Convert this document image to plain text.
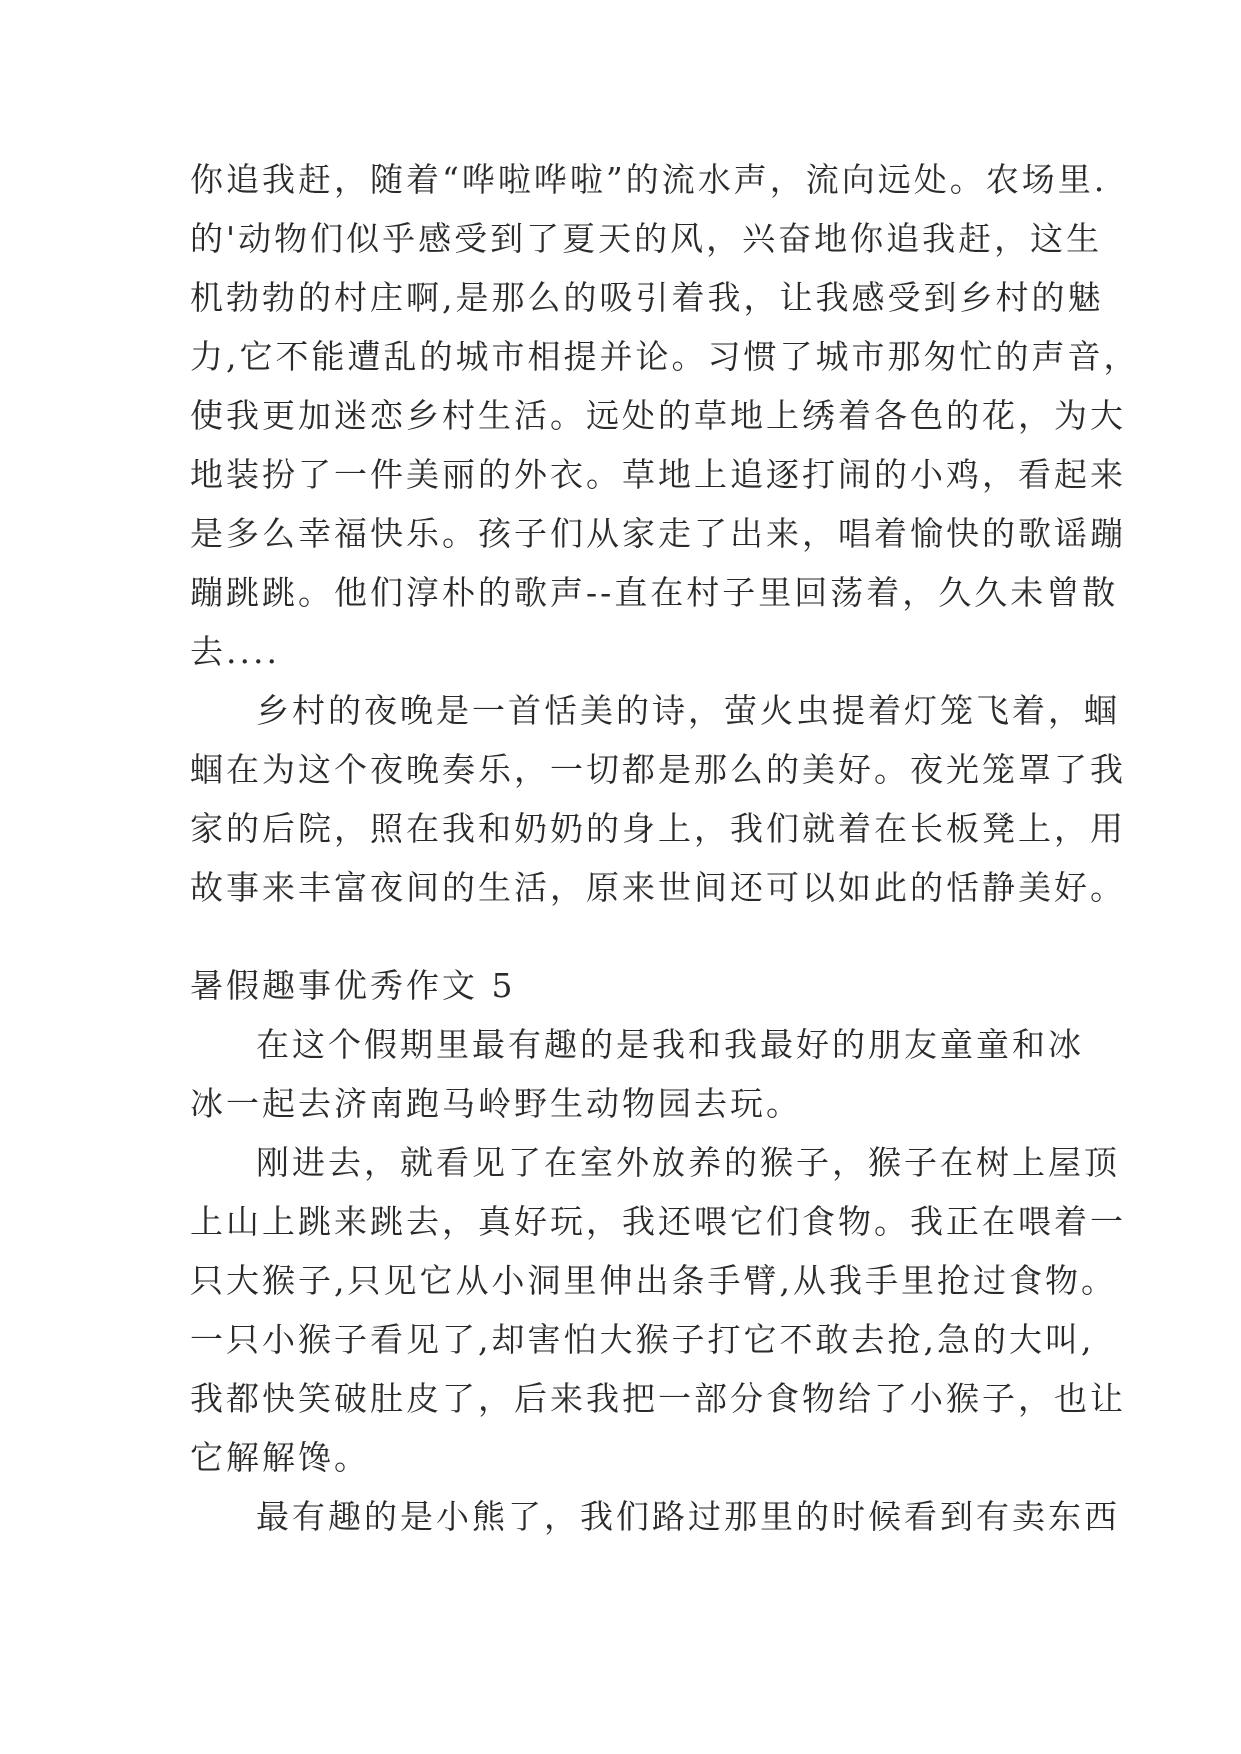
你追我赶，随着“哗啦哗啦”的流水声，流向远处。农场里.
的'动物们似乎感受到了夏天的风，兴奋地你追我赶，这生
机勃勃的村庄啊,是那么的吸引着我，让我感受到乡村的魅
力,它不能遭乱的城市相提并论。习惯了城市那匆忙的声音，
使我更加迷恋乡村生活。远处的草地上绣着各色的花，为大
地装扮了一件美丽的外衣。草地上追逐打闹的小鸡，看起来
是多么幸福快乐。孩子们从家走了出来，唱着愉快的歌谣蹦
蹦跳跳。他们淳朴的歌声--直在村子里回荡着，久久未曾散
去....
乡村的夜晚是一首恬美的诗，萤火虫提着灯笼飞着，蝈
蝈在为这个夜晚奏乐，一切都是那么的美好。夜光笼罩了我
家的后院，照在我和奶奶的身上，我们就着在长板凳上，用
故事来丰富夜间的生活，原来世间还可以如此的恬静美好。
暑假趣事优秀作文 5
在这个假期里最有趣的是我和我最好的朋友童童和冰
冰一起去济南跑马岭野生动物园去玩。
刚进去，就看见了在室外放养的猴子，猴子在树上屋顶
上山上跳来跳去，真好玩，我还喂它们食物。我正在喂着一
只大猴子,只见它从小洞里伸出条手臂,从我手里抢过食物。
一只小猴子看见了,却害怕大猴子打它不敢去抢,急的大叫,
我都快笑破肚皮了，后来我把一部分食物给了小猴子，也让
它解解馋。
最有趣的是小熊了，我们路过那里的时候看到有卖东西
